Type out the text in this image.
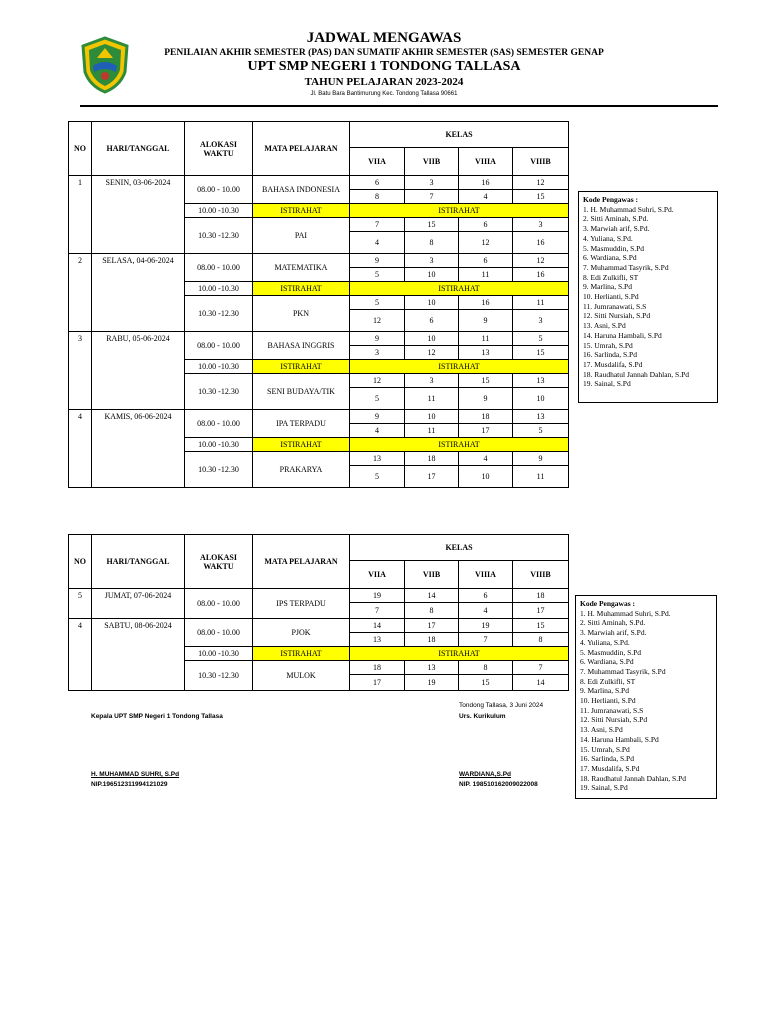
JADWAL MENGAWAS
PENILAIAN AKHIR SEMESTER (PAS) DAN SUMATIF AKHIR SEMESTER (SAS) SEMESTER GENAP
UPT SMP NEGERI 1 TONDONG TALLASA
TAHUN PELAJARAN 2023-2024
Jl. Batu Bara Bantimurung Kec. Tondong Tallasa 90661
NO	HARI/TANGGAL	ALOKASI WAKTU	MATA PELAJARAN	KELAS			
				VIIA	VIIB	VIIIA	VIIIB
1	SENIN, 03-06-2024	08.00 - 10.00	BAHASA INDONESIA	6	3	16	12
				8	7	4	15
		10.00 -10.30	ISTIRAHAT	ISTIRAHAT			
		10.30 -12.30	PAI	7	15	6	3
				4	8	12	16
2	SELASA, 04-06-2024	08.00 - 10.00	MATEMATIKA	9	3	6	12
				5	10	11	16
		10.00 -10.30	ISTIRAHAT	ISTIRAHAT			
		10.30 -12.30	PKN	5	10	16	11
				12	6	9	3
3	RABU, 05-06-2024	08.00 - 10.00	BAHASA INGGRIS	9	10	11	5
				3	12	13	15
		10.00 -10.30	ISTIRAHAT	ISTIRAHAT			
		10.30 -12.30	SENI BUDAYA/TIK	12	3	15	13
				5	11	9	10
4	KAMIS, 06-06-2024	08.00 - 10.00	IPA TERPADU	9	10	18	13
				4	11	17	5
		10.00 -10.30	ISTIRAHAT	ISTIRAHAT			
		10.30 -12.30	PRAKARYA	13	18	4	9
				5	17	10	11
NO	HARI/TANGGAL	ALOKASI WAKTU	MATA PELAJARAN	KELAS			
				VIIA	VIIB	VIIIA	VIIIB
5	JUMAT, 07-06-2024	08.00 - 10.00	IPS TERPADU	19	14	6	18
				7	8	4	17
4	SABTU, 08-06-2024	08.00 - 10.00	PJOK	14	17	19	15
				13	18	7	8
		10.00 -10.30	ISTIRAHAT	ISTIRAHAT			
		10.30 -12.30	MULOK	18	13	8	7
				17	19	15	14
Kode Pengawas :
1. H. Muhammad Suhri, S.Pd.
2. Sitti Aminah, S.Pd.
3. Marwiah arif, S.Pd.
4. Yuliana, S.Pd.
5. Masmuddin, S.Pd
6. Wardiana, S.Pd
7. Muhammad Tasyrik, S.Pd
8. Edi Zulkifli, ST
9. Marlina, S.Pd
10. Herlianti, S.Pd
11. Jumranawati, S.S
12. Sitti Nursiah, S.Pd
13. Asni, S.Pd
14. Haruna Hambali, S.Pd
15. Umrah, S.Pd
16. Sarlinda, S.Pd
17. Musdalifa, S.Pd
18. Raudhatul Jannah Dahlan, S.Pd
19. Sainal, S.Pd
Kode Pengawas :
1. H. Muhammad Suhri, S.Pd.
2. Sitti Aminah, S.Pd.
3. Marwiah arif, S.Pd.
4. Yuliana, S.Pd.
5. Masmuddin, S.Pd
6. Wardiana, S.Pd
7. Muhammad Tasyrik, S.Pd
8. Edi Zulkifli, ST
9. Marlina, S.Pd
10. Herlianti, S.Pd
11. Jumranawati, S.S
12. Sitti Nursiah, S.Pd
13. Asni, S.Pd
14. Haruna Hambali, S.Pd
15. Umrah, S.Pd
16. Sarlinda, S.Pd
17. Musdalifa, S.Pd
18. Raudhatul Jannah Dahlan, S.Pd
19. Sainal, S.Pd
Tondong Tallasa, 3 Juni 2024
Kepala UPT SMP Negeri 1 Tondong Tallasa	Urs. Kurikulum
H. MUHAMMAD SUHRI, S.Pd
NIP.196512311994121029
WARDIANA,S.Pd
NIP. 198510162009022008
